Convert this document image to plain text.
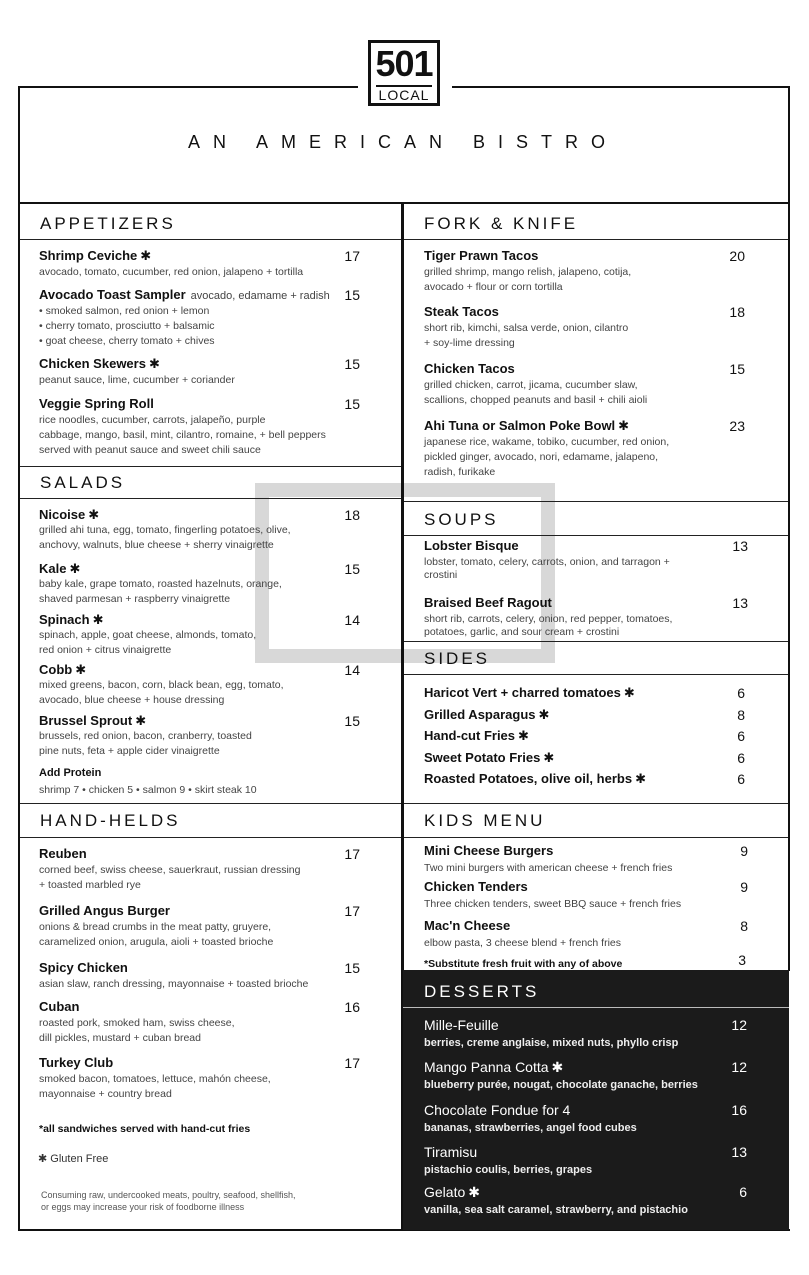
501
LOCAL
AN AMERICAN BISTRO
APPETIZERS
Shrimp Ceviche ✱	17
avocado, tomato, cucumber, red onion, jalapeno + tortilla
Avocado Toast Sampler avocado, edamame + radish	15
• smoked salmon, red onion + lemon
• cherry tomato, prosciutto + balsamic
• goat cheese, cherry tomato + chives
Chicken Skewers ✱	15
peanut sauce, lime, cucumber + coriander
Veggie Spring Roll	15
rice noodles, cucumber, carrots, jalapeño, purple
cabbage, mango, basil, mint, cilantro, romaine, + bell peppers
served with peanut sauce and sweet chili sauce
SALADS
Nicoise ✱	18
grilled ahi tuna, egg, tomato, fingerling potatoes, olive,
anchovy, walnuts, blue cheese + sherry vinaigrette
Kale ✱	15
baby kale, grape tomato, roasted hazelnuts, orange,
shaved parmesan + raspberry vinaigrette
Spinach ✱	14
spinach, apple, goat cheese, almonds, tomato,
red onion + citrus vinaigrette
Cobb ✱	14
mixed greens, bacon, corn, black bean, egg, tomato,
avocado, blue cheese + house dressing
Brussel Sprout ✱	15
brussels, red onion, bacon, cranberry, toasted
pine nuts, feta + apple cider vinaigrette
Add Protein
shrimp 7 • chicken 5 • salmon 9 • skirt steak 10
HAND-HELDS
Reuben	17
corned beef, swiss cheese, sauerkraut, russian dressing
+ toasted marbled rye
Grilled Angus Burger	17
onions & bread crumbs in the meat patty, gruyere,
caramelized onion, arugula, aioli + toasted brioche
Spicy Chicken	15
asian slaw, ranch dressing, mayonnaise + toasted brioche
Cuban	16
roasted pork, smoked ham, swiss cheese,
dill pickles, mustard + cuban bread
Turkey Club	17
smoked bacon, tomatoes, lettuce, mahón cheese,
mayonnaise + country bread
*all sandwiches served with hand-cut fries
✱ Gluten Free
Consuming raw, undercooked meats, poultry, seafood, shellfish,
or eggs may increase your risk of foodborne illness
FORK & KNIFE
Tiger Prawn Tacos	20
grilled shrimp, mango relish, jalapeno, cotija,
avocado + flour or corn tortilla
Steak Tacos	18
short rib, kimchi, salsa verde, onion, cilantro
+ soy-lime dressing
Chicken Tacos	15
grilled chicken, carrot, jicama, cucumber slaw,
scallions, chopped peanuts and basil + chili aioli
Ahi Tuna or Salmon Poke Bowl ✱	23
japanese rice, wakame, tobiko, cucumber, red onion,
pickled ginger, avocado, nori, edamame, jalapeno,
radish, furikake
SOUPS
Lobster Bisque	13
lobster, tomato, celery, carrots, onion, and tarragon +
crostini
Braised Beef Ragout	13
short rib, carrots, celery, onion, red pepper, tomatoes,
potatoes, garlic, and sour cream + crostini
SIDES
Haricot Vert + charred tomatoes ✱	6
Grilled Asparagus ✱	8
Hand-cut Fries ✱	6
Sweet Potato Fries ✱	6
Roasted Potatoes, olive oil, herbs ✱	6
KIDS MENU
Mini Cheese Burgers	9
Two mini burgers with american cheese + french fries
Chicken Tenders	9
Three chicken tenders, sweet BBQ sauce + french fries
Mac'n Cheese	8
elbow pasta, 3 cheese blend + french fries
*Substitute fresh fruit with any of above	3
DESSERTS
Mille-Feuille	12
berries, creme anglaise, mixed nuts, phyllo crisp
Mango Panna Cotta ✱	12
blueberry purée, nougat, chocolate ganache, berries
Chocolate Fondue for 4	16
bananas, strawberries, angel food cubes
Tiramisu	13
pistachio coulis, berries, grapes
Gelato ✱	6
vanilla, sea salt caramel, strawberry, and pistachio
